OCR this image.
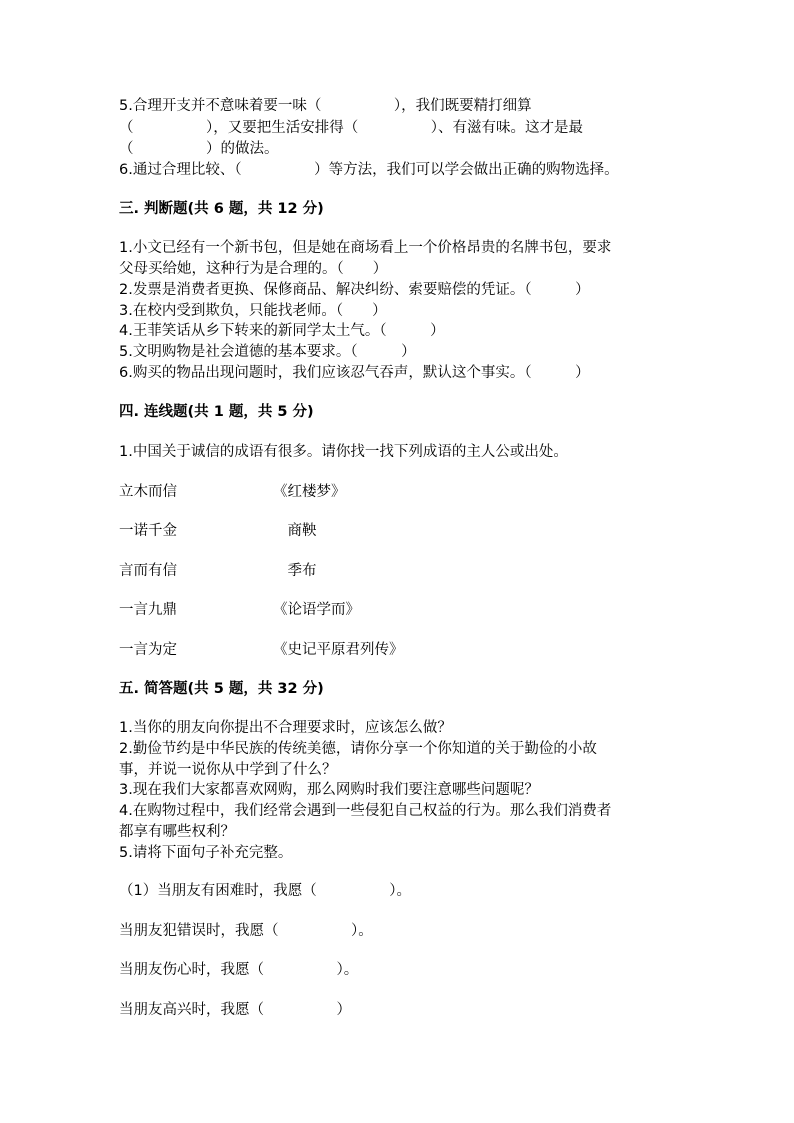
5.合理开支并不意味着要一味（　　　　　），我们既要精打细算
（　　　　　），又要把生活安排得（　　　　　）、有滋有味。这才是最
（　　　　　）的做法。
6.通过合理比较、（　　　　　）等方法，我们可以学会做出正确的购物选择。
三. 判断题(共 6 题，共 12 分)
1.小文已经有一个新书包，但是她在商场看上一个价格昂贵的名牌书包，要求
父母买给她，这种行为是合理的。（　　）
2.发票是消费者更换、保修商品、解决纠纷、索要赔偿的凭证。（　　　）
3.在校内受到欺负，只能找老师。（　　）
4.王菲笑话从乡下转来的新同学太土气。（　　　）
5.文明购物是社会道德的基本要求。（　　　）
6.购买的物品出现问题时，我们应该忍气吞声，默认这个事实。（　　　）
四. 连线题(共 1 题，共 5 分)
1.中国关于诚信的成语有很多。请你找一找下列成语的主人公或出处。
立木而信	《红楼梦》
一诺千金	　商鞅
言而有信	　季布
一言九鼎	《论语学而》
一言为定	《史记平原君列传》
五. 简答题(共 5 题，共 32 分)
1.当你的朋友向你提出不合理要求时，应该怎么做？
2.勤俭节约是中华民族的传统美德，请你分享一个你知道的关于勤俭的小故
事，并说一说你从中学到了什么？
3.现在我们大家都喜欢网购，那么网购时我们要注意哪些问题呢？
4.在购物过程中，我们经常会遇到一些侵犯自己权益的行为。那么我们消费者
都享有哪些权利？
5.请将下面句子补充完整。
（1）当朋友有困难时，我愿（　　　　　）。
当朋友犯错误时，我愿（　　　　　）。
当朋友伤心时，我愿（　　　　　）。
当朋友高兴时，我愿（　　　　　）
